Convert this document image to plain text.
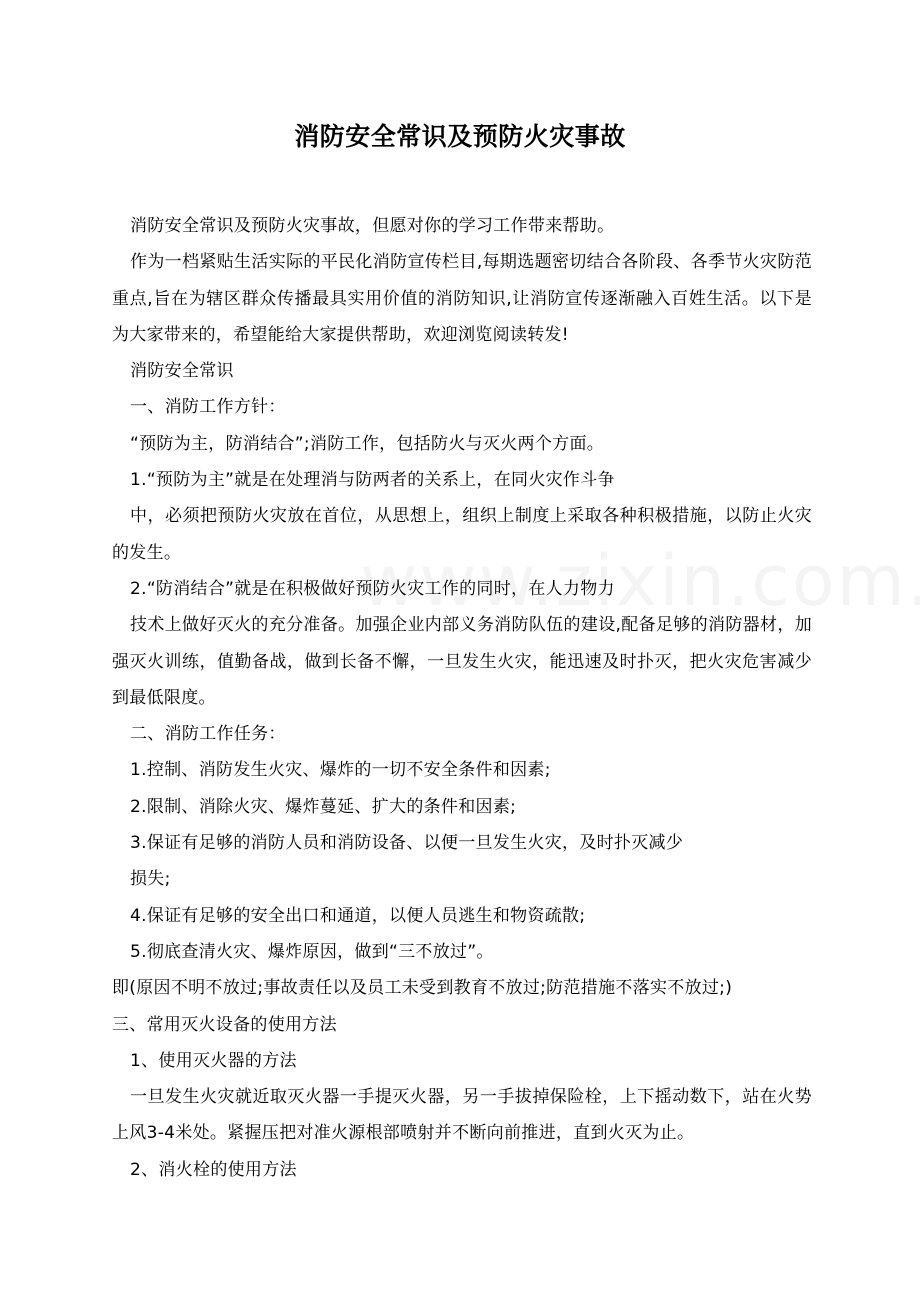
消防安全常识及预防火灾事故

消防安全常识及预防火灾事故，但愿对你的学习工作带来帮助。

作为一档紧贴生活实际的平民化消防宣传栏目,每期选题密切结合各阶段、各季节火灾防范重点,旨在为辖区群众传播最具实用价值的消防知识,让消防宣传逐渐融入百姓生活。以下是为大家带来的，希望能给大家提供帮助，欢迎浏览阅读转发!

消防安全常识

一、消防工作方针：

“预防为主，防消结合”;消防工作，包括防火与灭火两个方面。

1.“预防为主”就是在处理消与防两者的关系上，在同火灾作斗争

中，必须把预防火灾放在首位，从思想上，组织上制度上采取各种积极措施，以防止火灾的发生。

2.“防消结合”就是在积极做好预防火灾工作的同时，在人力物力

技术上做好灭火的充分准备。加强企业内部义务消防队伍的建设,配备足够的消防器材，加强灭火训练，值勤备战，做到长备不懈，一旦发生火灾，能迅速及时扑灭，把火灾危害减少到最低限度。

二、消防工作任务：

1.控制、消防发生火灾、爆炸的一切不安全条件和因素;

2.限制、消除火灾、爆炸蔓延、扩大的条件和因素;

3.保证有足够的消防人员和消防设备、以便一旦发生火灾，及时扑灭减少

损失;

4.保证有足够的安全出口和通道，以便人员逃生和物资疏散;

5.彻底查清火灾、爆炸原因，做到“三不放过”。

即(原因不明不放过;事故责任以及员工未受到教育不放过;防范措施不落实不放过;)

三、常用灭火设备的使用方法

1、使用灭火器的方法

一旦发生火灾就近取灭火器一手提灭火器，另一手拔掉保险栓，上下摇动数下，站在火势上风3-4米处。紧握压把对准火源根部喷射并不断向前推进，直到火灭为止。

2、消火栓的使用方法
